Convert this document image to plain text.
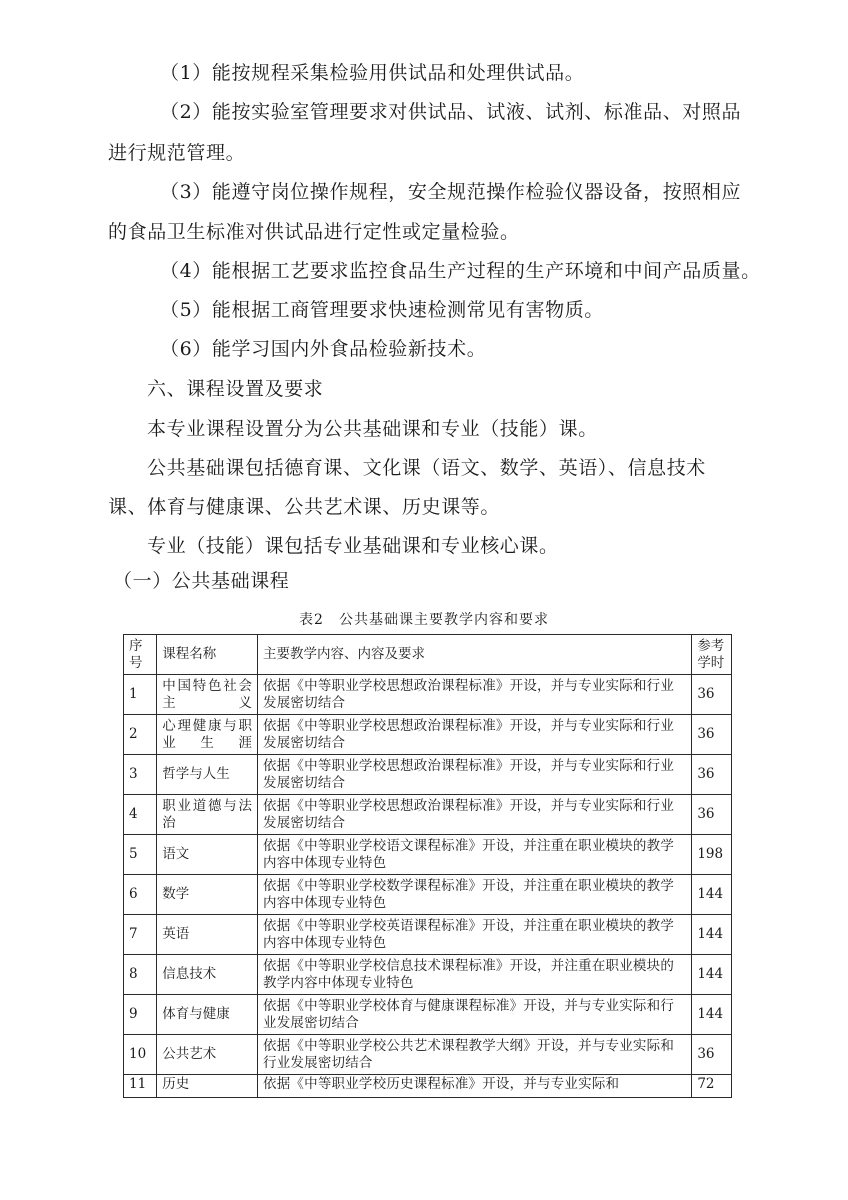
（1）能按规程采集检验用供试品和处理供试品。
（2）能按实验室管理要求对供试品、试液、试剂、标准品、对照品
进行规范管理。
（3）能遵守岗位操作规程，安全规范操作检验仪器设备，按照相应
的食品卫生标准对供试品进行定性或定量检验。
（4）能根据工艺要求监控食品生产过程的生产环境和中间产品质量。
（5）能根据工商管理要求快速检测常见有害物质。
（6）能学习国内外食品检验新技术。
六、课程设置及要求
本专业课程设置分为公共基础课和专业（技能）课。
公共基础课包括德育课、文化课（语文、数学、英语）、信息技术
课、体育与健康课、公共艺术课、历史课等。
专业（技能）课包括专业基础课和专业核心课。
（一）公共基础课程
表2　公共基础课主要教学内容和要求
序号	课程名称	主要教学内容、内容及要求	参考学时
1	中国特色社会主义	依据《中等职业学校思想政治课程标准》开设，并与专业实际和行业发展密切结合	36
2	心理健康与职业生涯	依据《中等职业学校思想政治课程标准》开设，并与专业实际和行业发展密切结合	36
3	哲学与人生	依据《中等职业学校思想政治课程标准》开设，并与专业实际和行业发展密切结合	36
4	职业道德与法治	依据《中等职业学校思想政治课程标准》开设，并与专业实际和行业发展密切结合	36
5	语文	依据《中等职业学校语文课程标准》开设，并注重在职业模块的教学内容中体现专业特色	198
6	数学	依据《中等职业学校数学课程标准》开设，并注重在职业模块的教学内容中体现专业特色	144
7	英语	依据《中等职业学校英语课程标准》开设，并注重在职业模块的教学内容中体现专业特色	144
8	信息技术	依据《中等职业学校信息技术课程标准》开设，并注重在职业模块的教学内容中体现专业特色	144
9	体育与健康	依据《中等职业学校体育与健康课程标准》开设，并与专业实际和行业发展密切结合	144
10	公共艺术	依据《中等职业学校公共艺术课程教学大纲》开设，并与专业实际和行业发展密切结合	36
11	历史	依据《中等职业学校历史课程标准》开设，并与专业实际和	72
